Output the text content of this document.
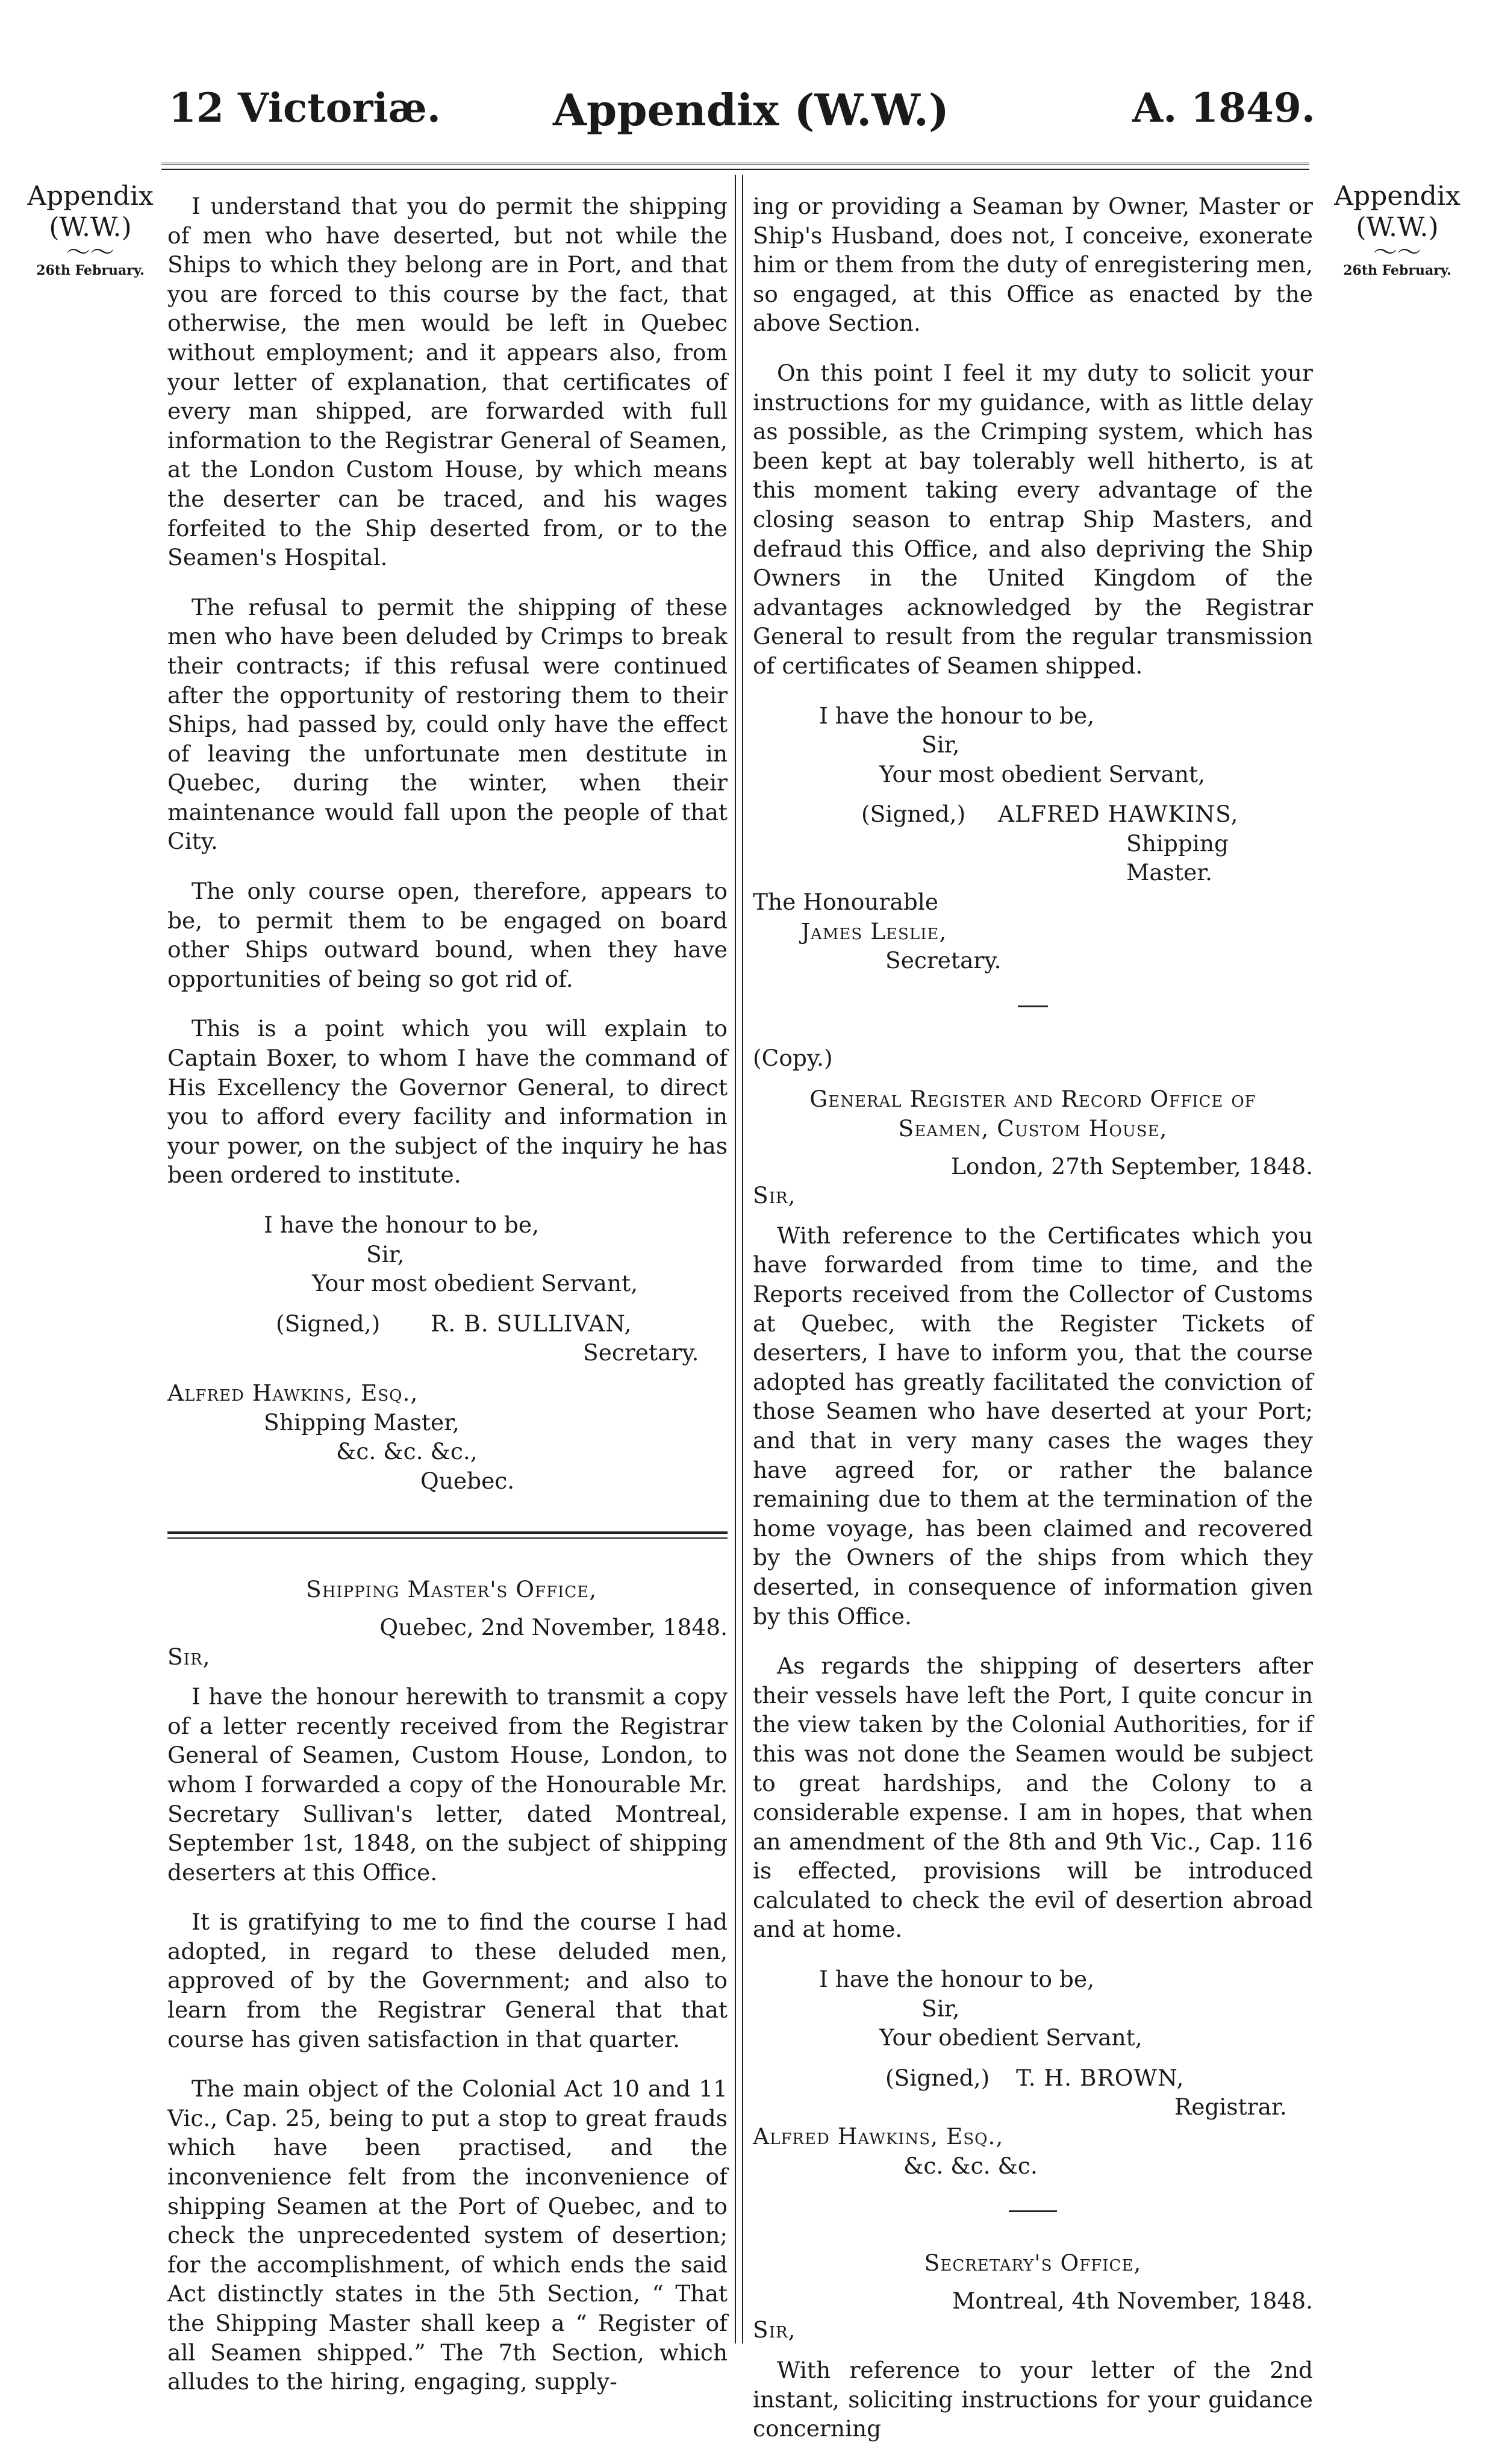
12 Victoriæ.	Appendix (W.W.)	A. 1849.
Appendix
(W.W.)
〜〜
26th February.
Appendix
(W.W.)
〜〜
26th February.

I understand that you do permit the shipping of men who have deserted, but not while the Ships to which they belong are in Port, and that you are forced to this course by the fact, that otherwise, the men would be left in Quebec without employment; and it appears also, from your letter of explanation, that certificates of every man shipped, are forwarded with full information to the Registrar General of Seamen, at the London Custom House, by which means the deserter can be traced, and his wages forfeited to the Ship deserted from, or to the Seamen's Hospital.

The refusal to permit the shipping of these men who have been deluded by Crimps to break their contracts; if this refusal were continued after the opportunity of restoring them to their Ships, had passed by, could only have the effect of leaving the unfortunate men destitute in Quebec, during the winter, when their maintenance would fall upon the people of that City.

The only course open, therefore, appears to be, to permit them to be engaged on board other Ships outward bound, when they have opportunities of being so got rid of.

This is a point which you will explain to Captain Boxer, to whom I have the command of His Excellency the Governor General, to direct you to afford every facility and information in your power, on the subject of the inquiry he has been ordered to institute.

I have the honour to be,
Sir,
Your most obedient Servant,
(Signed,) R. B. SULLIVAN,
Secretary.
Alfred Hawkins, Esq.,
Shipping Master,
&c. &c. &c.,
Quebec.
Shipping Master's Office,
Quebec, 2nd November, 1848.
Sir,

I have the honour herewith to transmit a copy of a letter recently received from the Registrar General of Seamen, Custom House, London, to whom I forwarded a copy of the Honourable Mr. Secretary Sullivan's letter, dated Montreal, September 1st, 1848, on the subject of shipping deserters at this Office.

It is gratifying to me to find the course I had adopted, in regard to these deluded men, approved of by the Government; and also to learn from the Registrar General that that course has given satisfaction in that quarter.

The main object of the Colonial Act 10 and 11 Vic., Cap. 25, being to put a stop to great frauds which have been practised, and the inconvenience felt from the inconvenience of shipping Seamen at the Port of Quebec, and to check the unprecedented system of desertion; for the accomplishment, of which ends the said Act distinctly states in the 5th Section, “ That the Shipping Master shall keep a “ Register of all Seamen shipped.” The 7th Section, which alludes to the hiring, engaging, supply-

ing or providing a Seaman by Owner, Master or Ship's Husband, does not, I conceive, exonerate him or them from the duty of enregistering men, so engaged, at this Office as enacted by the above Section.

On this point I feel it my duty to solicit your instructions for my guidance, with as little delay as possible, as the Crimping system, which has been kept at bay tolerably well hitherto, is at this moment taking every advantage of the closing season to entrap Ship Masters, and defraud this Office, and also depriving the Ship Owners in the United Kingdom of the advantages acknowledged by the Registrar General to result from the regular transmission of certificates of Seamen shipped.

I have the honour to be,
Sir,
Your most obedient Servant,
(Signed,) ALFRED HAWKINS,
Shipping Master.
The Honourable
James Leslie,
Secretary.
(Copy.)
General Register and Record Office of
Seamen, Custom House,
London, 27th September, 1848.
Sir,

With reference to the Certificates which you have forwarded from time to time, and the Reports received from the Collector of Customs at Quebec, with the Register Tickets of deserters, I have to inform you, that the course adopted has greatly facilitated the conviction of those Seamen who have deserted at your Port; and that in very many cases the wages they have agreed for, or rather the balance remaining due to them at the termination of the home voyage, has been claimed and recovered by the Owners of the ships from which they deserted, in consequence of information given by this Office.

As regards the shipping of deserters after their vessels have left the Port, I quite concur in the view taken by the Colonial Authorities, for if this was not done the Seamen would be subject to great hardships, and the Colony to a considerable expense. I am in hopes, that when an amendment of the 8th and 9th Vic., Cap. 116 is effected, provisions will be introduced calculated to check the evil of desertion abroad and at home.

I have the honour to be,
Sir,
Your obedient Servant,
(Signed,) T. H. BROWN,
Registrar.
Alfred Hawkins, Esq.,
&c. &c. &c.
Secretary's Office,
Montreal, 4th November, 1848.
Sir,

With reference to your letter of the 2nd instant, soliciting instructions for your guidance concerning
